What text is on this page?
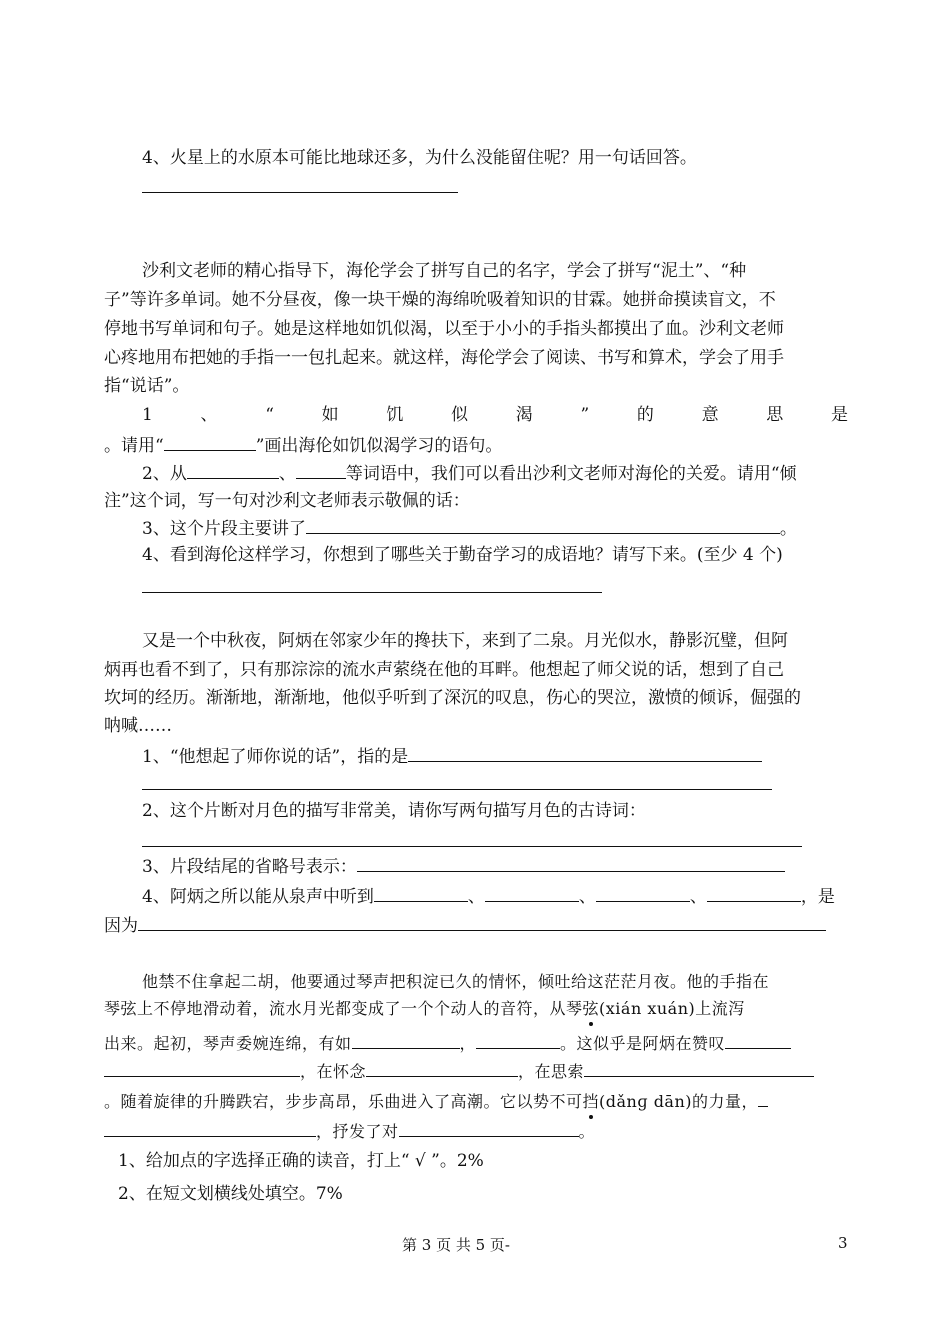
4、火星上的水原本可能比地球还多，为什么没能留住呢？用一句话回答。
沙利文老师的精心指导下，海伦学会了拼写自己的名字，学会了拼写“泥土”、“种
子”等许多单词。她不分昼夜，像一块干燥的海绵吮吸着知识的甘霖。她拼命摸读盲文，不
停地书写单词和句子。她是这样地如饥似渴，以至于小小的手指头都摸出了血。沙利文老师
心疼地用布把她的手指一一包扎起来。就这样，海伦学会了阅读、书写和算术，学会了用手
指“说话”。
1	、	“	如	饥	似	渴	”	的	意	思	是
。请用“	”画出海伦如饥似渴学习的语句。
2、从	、	等词语中，我们可以看出沙利文老师对海伦的关爱。请用“倾
注”这个词，写一句对沙利文老师表示敬佩的话：
3、这个片段主要讲了	。
4、看到海伦这样学习，你想到了哪些关于勤奋学习的成语地？请写下来。(至少 4 个)
又是一个中秋夜，阿炳在邻家少年的搀扶下，来到了二泉。月光似水，静影沉璧，但阿
炳再也看不到了，只有那淙淙的流水声萦绕在他的耳畔。他想起了师父说的话，想到了自己
坎坷的经历。渐渐地，渐渐地，他似乎听到了深沉的叹息，伤心的哭泣，激愤的倾诉，倔强的
呐喊……
1、“他想起了师你说的话”，指的是
2、这个片断对月色的描写非常美，请你写两句描写月色的古诗词：
3、片段结尾的省略号表示：
4、阿炳之所以能从泉声中听到	、	、	、	，是
因为
他禁不住拿起二胡，他要通过琴声把积淀已久的情怀，倾吐给这茫茫月夜。他的手指在
琴弦上不停地滑动着，流水月光都变成了一个个动人的音符，从琴弦(xián xuán)上流泻
出来。起初，琴声委婉连绵，有如	，	。这似乎是阿炳在赞叹
，在怀念	，在思索
。随着旋律的升腾跌宕，步步高昂，乐曲进入了高潮。它以势不可挡(dǎnɡ dān)的力量，
，抒发了对	。
1、给加点的字选择正确的读音，打上“ √ ”。2%
2、在短文划横线处填空。7%
第 3 页 共 5 页-	3
